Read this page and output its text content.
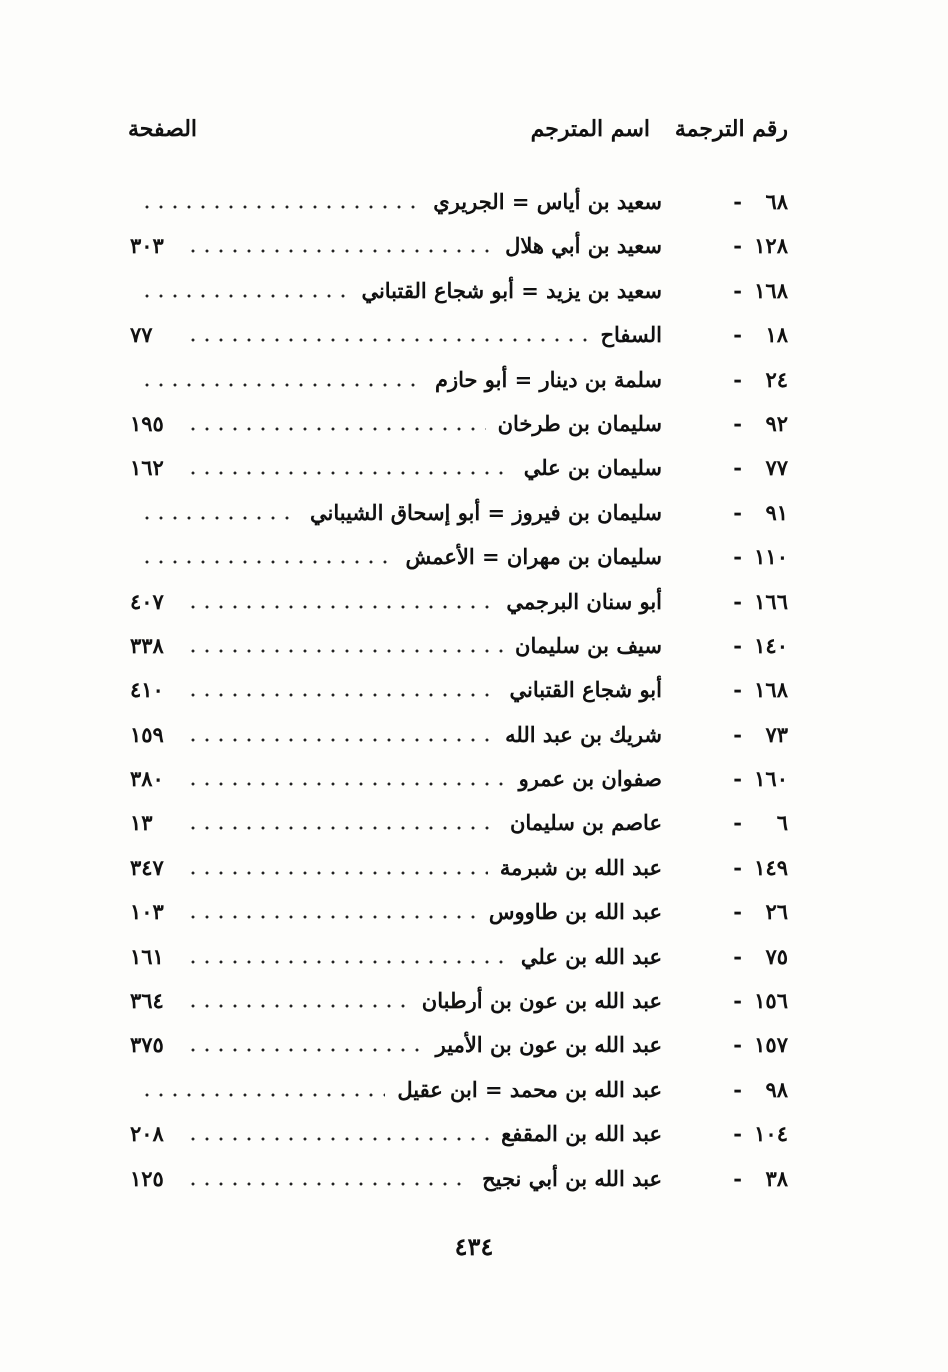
رقم الترجمة
اسم المترجم
الصفحة
٦٨
-
سعيد بن أياس = الجريري
١٢٨
-
سعيد بن أبي هلال
٣٠٣
١٦٨
-
سعيد بن يزيد = أبو شجاع القتباني
١٨
-
السفاح
٧٧
٢٤
-
سلمة بن دينار = أبو حازم
٩٢
-
سليمان بن طرخان
١٩٥
٧٧
-
سليمان بن علي
١٦٢
٩١
-
سليمان بن فيروز = أبو إسحاق الشيباني
١١٠
-
سليمان بن مهران = الأعمش
١٦٦
-
أبو سنان البرجمي
٤٠٧
١٤٠
-
سيف بن سليمان
٣٣٨
١٦٨
-
أبو شجاع القتباني
٤١٠
٧٣
-
شريك بن عبد الله
١٥٩
١٦٠
-
صفوان بن عمرو
٣٨٠
٦
-
عاصم بن سليمان
١٣
١٤٩
-
عبد الله بن شبرمة
٣٤٧
٢٦
-
عبد الله بن طاووس
١٠٣
٧٥
-
عبد الله بن علي
١٦١
١٥٦
-
عبد الله بن عون بن أرطبان
٣٦٤
١٥٧
-
عبد الله بن عون بن الأمير
٣٧٥
٩٨
-
عبد الله بن محمد = ابن عقيل
١٠٤
-
عبد الله بن المقفع
٢٠٨
٣٨
-
عبد الله بن أبي نجيح
١٢٥
٤٣٤
